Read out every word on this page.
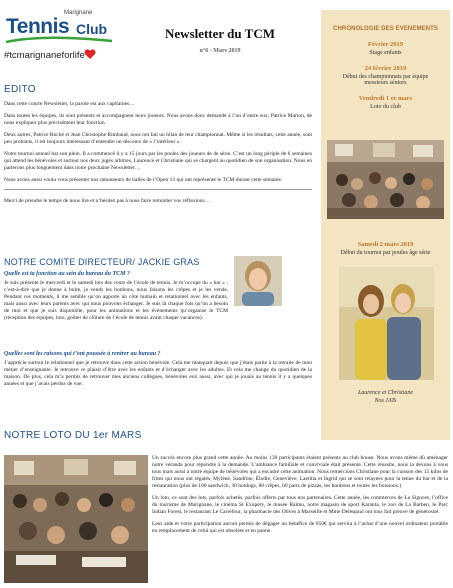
Marignane
Tennis Club
#tcmarignaneforlife
Newsletter du TCM
n°6 - Mars 2019
CHRONOLOGIE DES EVENEMENTS
Février 2019
Stage enfants
24 février 2019
Début des championnats par équipe messieurs séniors
Vendredi 1 er mars
Loto du club
Samedi 2 mars 2019
Début du tournoi par poules âge série
Laurence et Christiane
Nos JATs
EDITO

Dans cette courte Newsletter, la parole est aux capitaines…

Dans toutes les équipes, ils sont présents et accompagnent leurs joueurs. Nous avons donc demandé à l’un d’entre eux, Patrice Marion, de nous expliquer plus précisément leur fonction.

Deux autres, Patrice Roché et Jean Christophe Rimbaud, nous ont fait un bilan de leur championnat. Même si les résultats, cette année, sont peu probants, il est toujours intéressant d’entendre un discours de « l’intérieur ».

Notre tournoi annuel bat son plein. Il a commencé il y a 15 jours par les poules des joueurs de 4e série. C’est un long périple de 6 semaines qui attend les bénévoles et surtout nos deux juges arbitres, Laurence et Christiane qui se chargent au quotidien de son organisation. Nous en parlerons plus longuement dans notre prochaine Newsletter…

Nous avons aussi voulu vous présenter nos ramasseurs de balles de l’Open 13 qui ont représenté le TCM durant cette semaine.

Merci de prendre le temps de nous lire et n’hésitez pas à nous faire remonter vos réflexions…

NOTRE COMITE DIRECTEUR/ JACKIE GRAS
Quelle est ta fonction au sein du bureau du TCM ?

Je suis présente le mercredi et le samedi lors des cours de l’école de tennis. Je m’occupe du « bar » ; c’est-à-dire que je donne à boire, je vends les bonbons, nous faisons les crêpes et je les vends. Pendant ces moments, il me semble qu’on apporte un côté humain et relationnel avec les enfants, mais aussi avec leurs parents avec qui nous pouvons échanger. Je suis là chaque fois qu’on a besoin de moi et que je suis disponible, pour les animations et les événements qu’organise le TCM (réception des équipes, loto, goûter de clôture de l’école de tennis avant chaque vacances).

Quelles sont les raisons qui t’ont poussée à rentrer au bureau ?

J’apprécie surtout le relationnel que je retrouve dans cette action bénévole. Cela me manquait depuis que j’étais partie à la retraite de mon métier d’enseignante. Je retrouve ce plaisir d’être avec les enfants et d’échanger avec les adultes. Et cela me change du quotidien de la maison. De plus, cela m’a permis de retrouver mes anciens collègues, bénévoles eux aussi, avec qui je jouais au tennis il y a quelques années et que j’avais perdus de vue.

NOTRE LOTO DU 1er MARS

Un succès encore plus grand cette année. Au moins 130 participants étaient présents au club house. Nous avons même dû aménager notre véranda pour répondre à la demande. L’ambiance familiale et conviviale était présente. Cette réussite, nous la devons à vous tous mais aussi à notre équipe de bénévoles qui a encadré cette animation. Nous remercions Christiane pour la cuisson des 15 kilos de frites qui nous ont régalés, Mylène, Sandrine, Élodie, Geneviève, Laetitia et Ingrid qui se sont relayées pour la tenue du bar et de la restauration (plus de 100 sandwich, 30 hotdogs, 80 crêpes, 60 parts de pizzas, les bonbons et toutes les boissons.)

Un loto, ce sont des lots, parfois achetés, parfois offerts par tous nos partenaires. Cette année, les commerces de La Signore, l’office du tourisme de Marignane, le cinéma St Exupéry, le musée Raimu, notre magasin de sport Karanta, le zoo de La Barben, le Parc Indian Forest, le restaurant Le Carrefour, la pharmacie des Olives à Marseille et Mme Delespaul ont tous fait preuve de générosité.

Leur aide et votre participation auront permis de dégager un bénéfice de 850€ qui servira à l’achat d’une nouvel ordinateur portable en remplacement de celui qui est obsolète et en panne.
